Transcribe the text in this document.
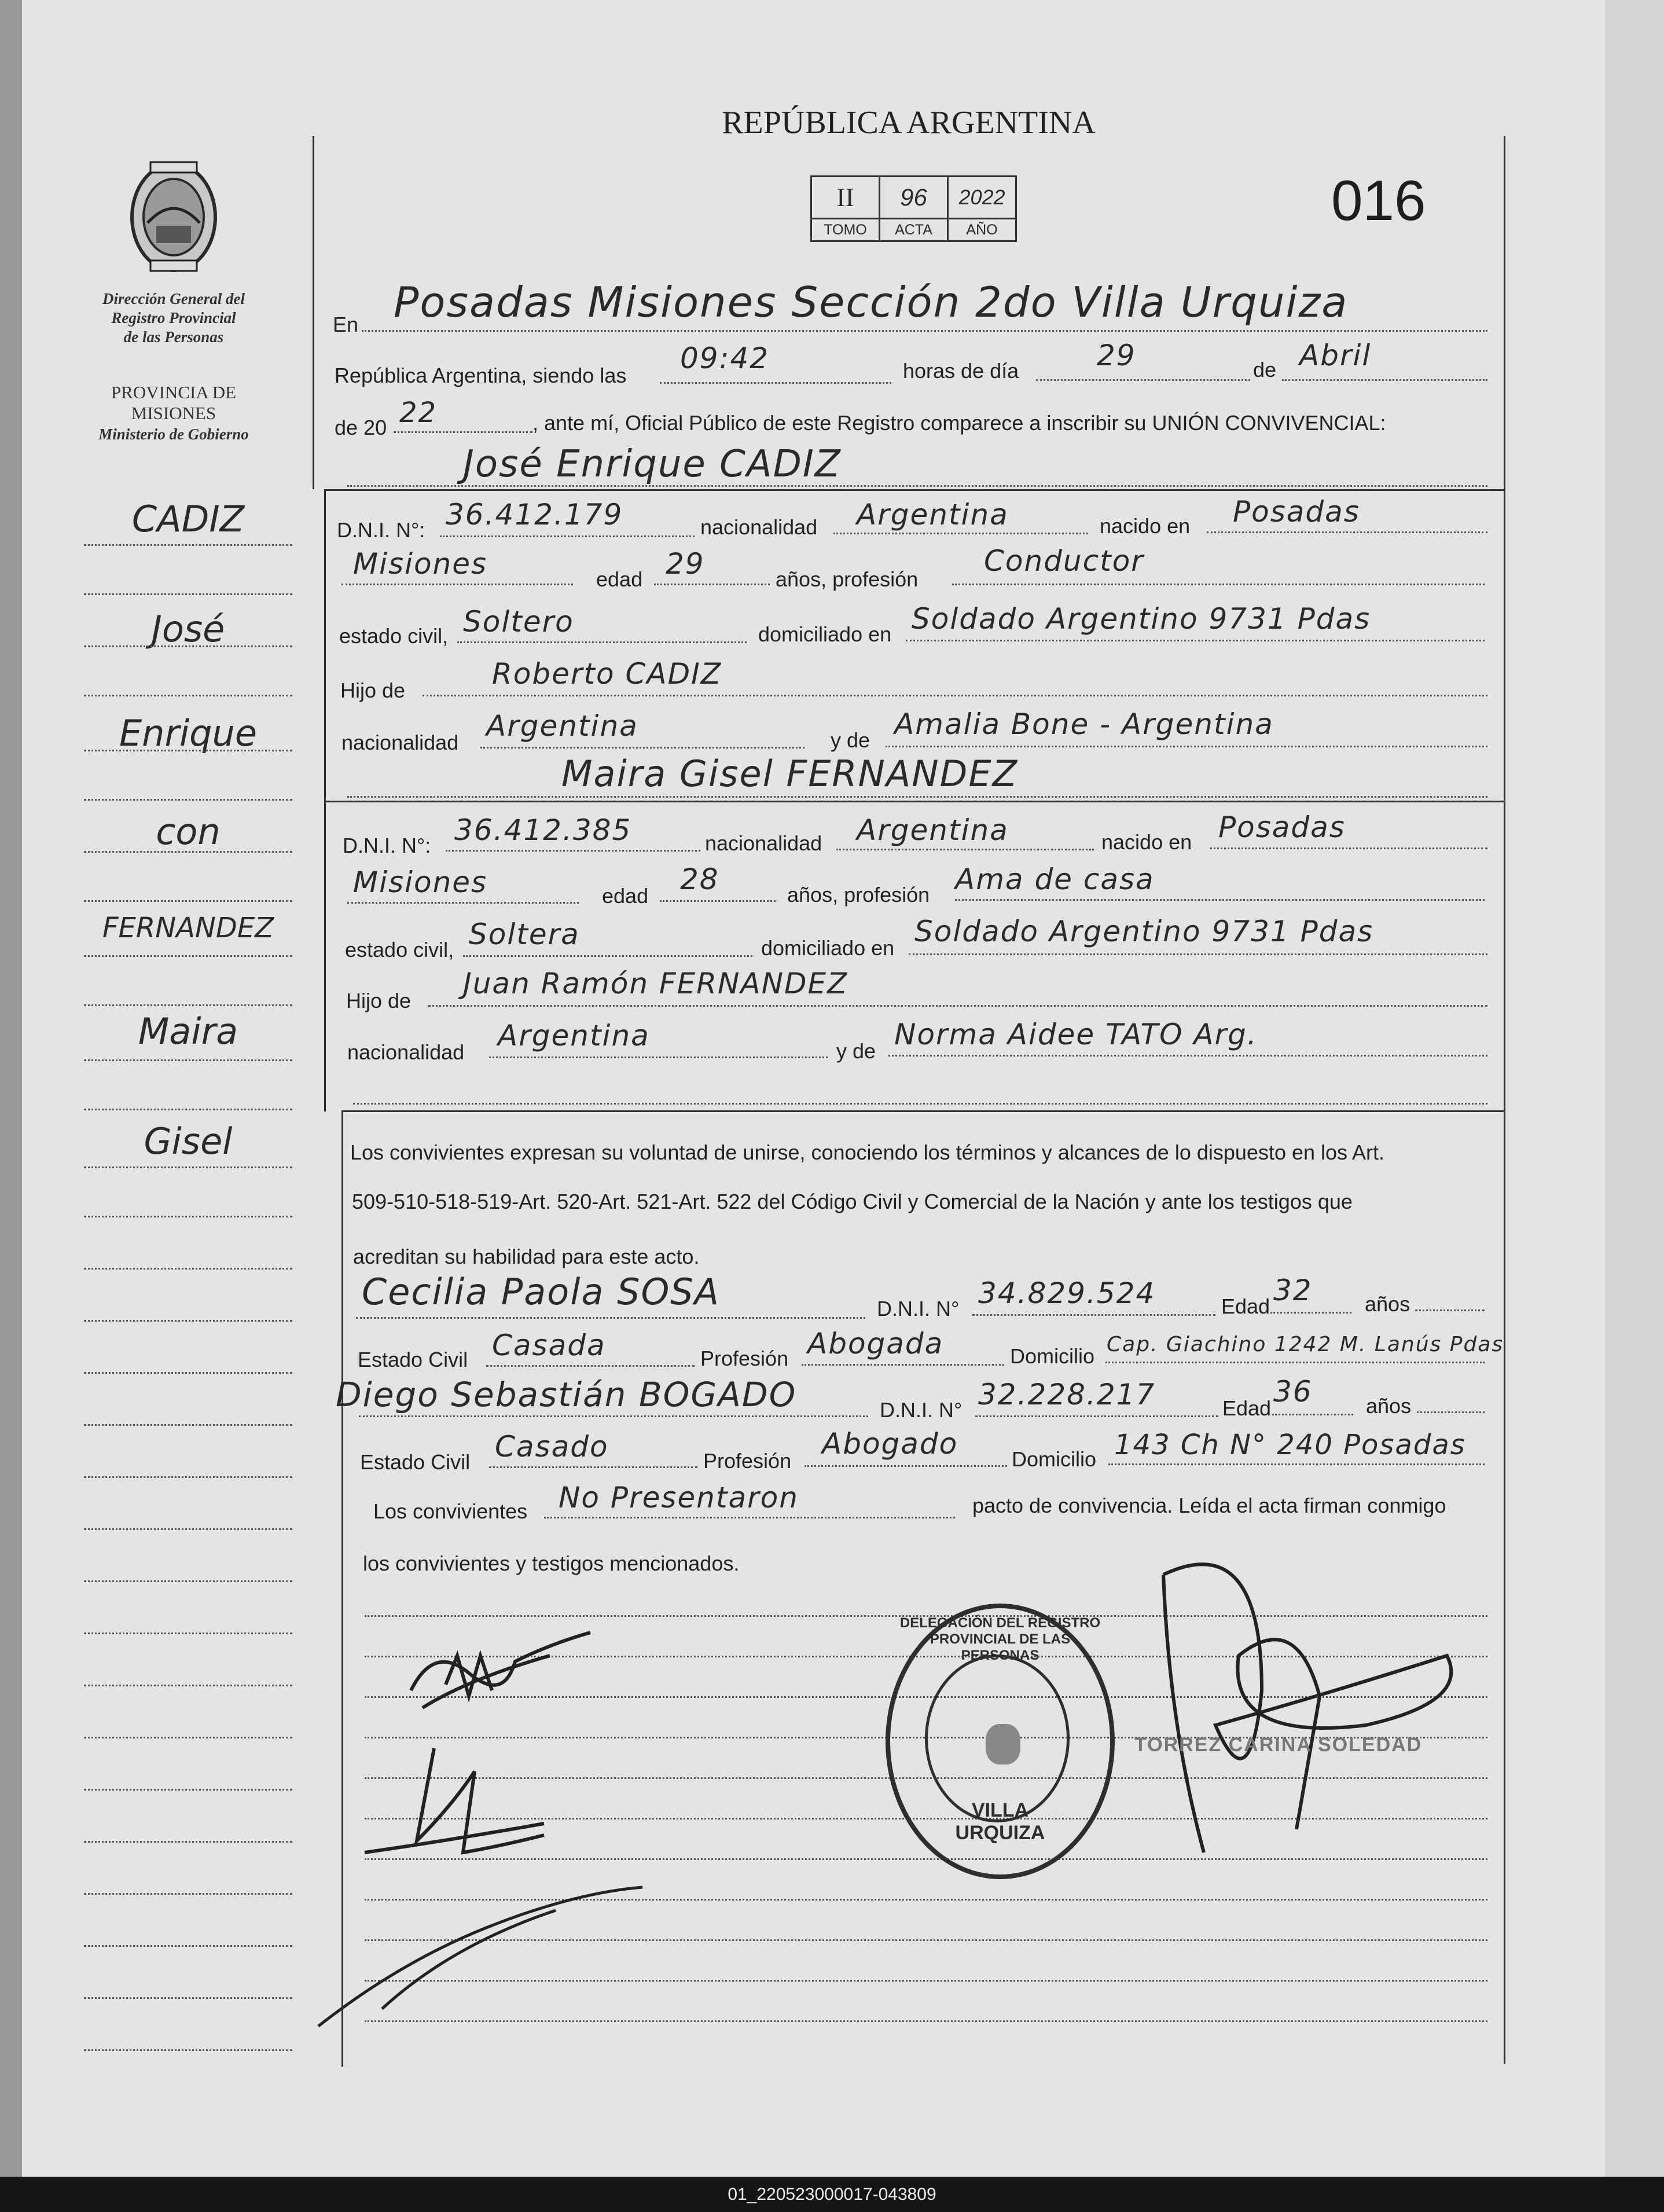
Dirección General del
Registro Provincial
de las Personas
PROVINCIA DE
MISIONES
Ministerio de Gobierno
CADIZ
José
Enrique
con
FERNANDEZ
Maira
Gisel
REPÚBLICA ARGENTINA
II	96	2022
TOMO	ACTA	AÑO	016
En Posadas Misiones Sección 2do Villa Urquiza
República Argentina, siendo las
09:42	horas de día	29	de Abril
de 20 22	, ante mí, Oficial Público de este Registro comparece a inscribir su UNIÓN CONVIVENCIAL:
José Enrique CADIZ
D.N.I. N°: 36.412.179	nacionalidad Argentina	nacido en Posadas
Misiones	edad 29	años, profesión
Conductor
estado civil, Soltero	domiciliado en Soldado Argentino 9731 Pdas
Hijo de	Roberto CADIZ
nacionalidad Argentina	y de Amalia Bone - Argentina
Maira Gisel FERNANDEZ
D.N.I. N°: 36.412.385	nacionalidad Argentina	nacido en Posadas
Misiones	edad 28	años, profesión Ama de casa
estado civil, Soltera	domiciliado en Soldado Argentino 9731 Pdas
Hijo de
Juan Ramón FERNANDEZ
nacionalidad Argentina	y de Norma Aidee TATO Arg.
Los convivientes expresan su voluntad de unirse, conociendo los términos y alcances de lo dispuesto en los Art.
509-510-518-519-Art. 520-Art. 521-Art. 522 del Código Civil y Comercial de la Nación y ante los testigos que
acreditan su habilidad para este acto.
Cecilia Paola SOSA	D.N.I. N° 34.829.524	Edad 32	años
Estado Civil Casada	Profesión Abogada	Domicilio Cap. Giachino 1242 M. Lanús Pdas
Diego Sebastián BOGADO	D.N.I. N° 32.228.217	Edad 36	años
Estado Civil Casado	Profesión
Abogado	Domicilio 143 Ch N° 240 Posadas
Los convivientes No Presentaron	pacto de convivencia. Leída el acta firman conmigo
los convivientes y testigos mencionados.
DELEGACIÓN DEL REGISTRO PROVINCIAL DE LAS PERSONAS
VILLA URQUIZA
TORREZ CARINA SOLEDAD
01_220523000017-043809
